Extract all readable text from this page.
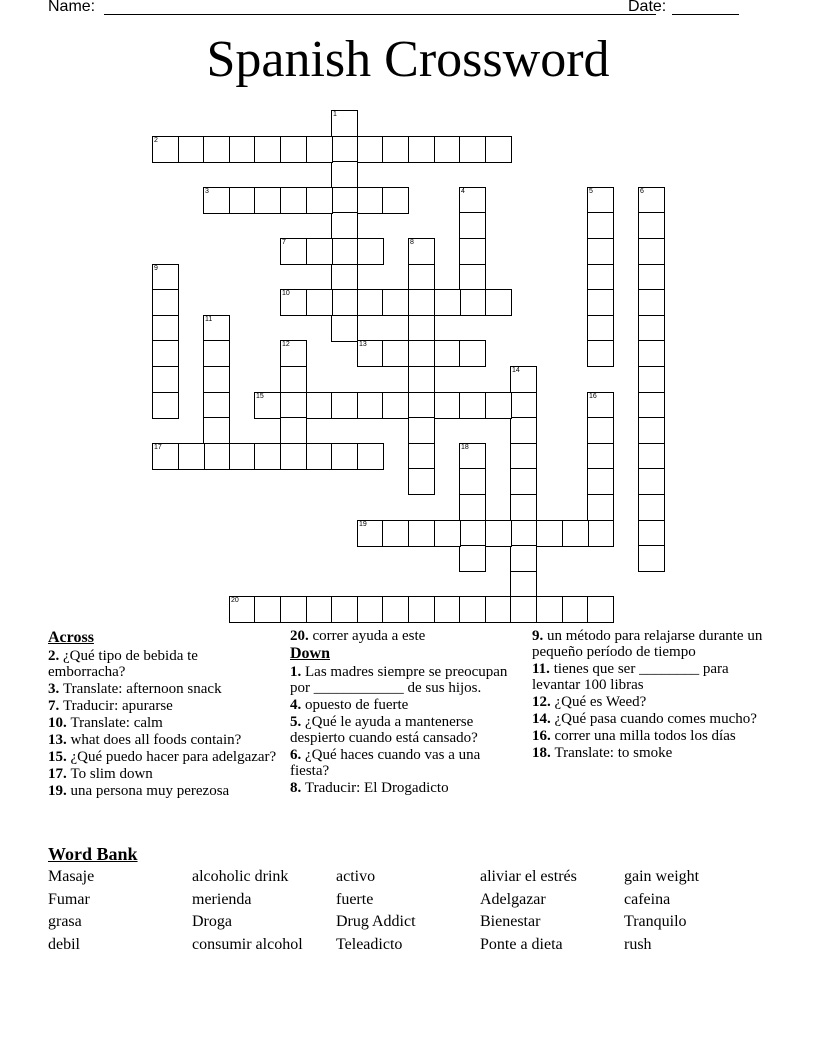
Name:	Date:
Spanish Crossword
1
2
3	4	5	6
7	8
9
10
11
12	13
14
15	16
17	18
19
20
Across
2. ¿Qué tipo de bebida te emborracha?
3. Translate: afternoon snack
7. Traducir: apurarse
10. Translate: calm
13. what does all foods contain?
15. ¿Qué puedo hacer para adelgazar?
17. To slim down
19. una persona muy perezosa
20. correr ayuda a este
Down
1. Las madres siempre se preocupan por ____________ de sus hijos.
4. opuesto de fuerte
5. ¿Qué le ayuda a mantenerse despierto cuando está cansado?
6. ¿Qué haces cuando vas a una fiesta?
8. Traducir: El Drogadicto
9. un método para relajarse durante un pequeño período de tiempo
11. tienes que ser ________ para levantar 100 libras
12. ¿Qué es Weed?
14. ¿Qué pasa cuando comes mucho?
16. correr una milla todos los días
18. Translate: to smoke
Word Bank
Masaje	alcoholic drink	activo	aliviar el estrés	gain weight
Fumar	merienda	fuerte	Adelgazar	cafeina
grasa	Droga	Drug Addict	Bienestar	Tranquilo
debil	consumir alcohol	Teleadicto	Ponte a dieta	rush
